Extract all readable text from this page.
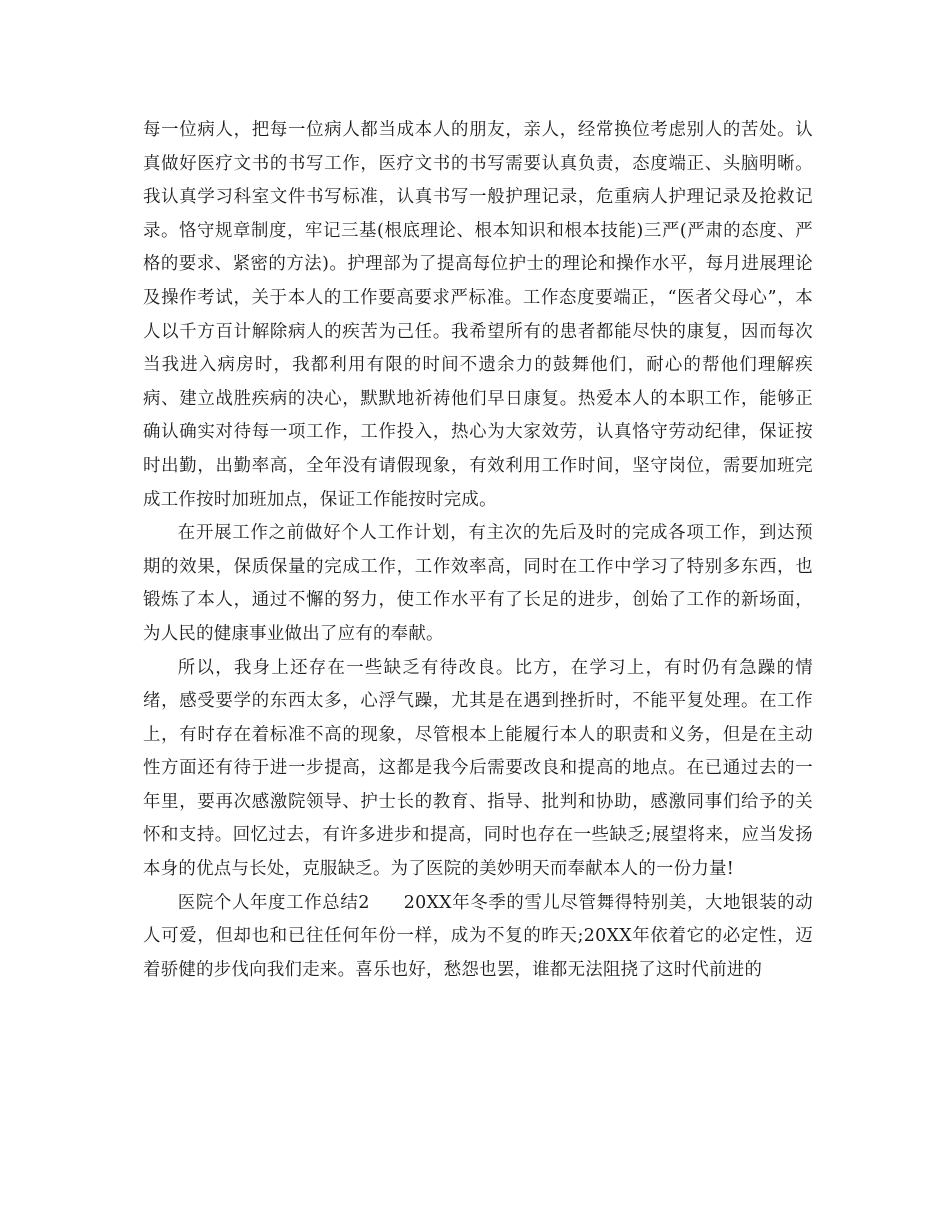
每一位病人，把每一位病人都当成本人的朋友，亲人，经常换位考虑别人的苦处。认真做好医疗文书的书写工作，医疗文书的书写需要认真负责，态度端正、头脑明晰。我认真学习科室文件书写标准，认真书写一般护理记录，危重病人护理记录及抢救记录。恪守规章制度，牢记三基(根底理论、根本知识和根本技能)三严(严肃的态度、严格的要求、紧密的方法)。护理部为了提高每位护士的理论和操作水平，每月进展理论及操作考试，关于本人的工作要高要求严标准。工作态度要端正，“医者父母心”，本人以千方百计解除病人的疾苦为己任。我希望所有的患者都能尽快的康复，因而每次当我进入病房时，我都利用有限的时间不遗余力的鼓舞他们，耐心的帮他们理解疾病、建立战胜疾病的决心，默默地祈祷他们早日康复。热爱本人的本职工作，能够正确认确实对待每一项工作，工作投入，热心为大家效劳，认真恪守劳动纪律，保证按时出勤，出勤率高，全年没有请假现象，有效利用工作时间，坚守岗位，需要加班完成工作按时加班加点，保证工作能按时完成。

在开展工作之前做好个人工作计划，有主次的先后及时的完成各项工作，到达预期的效果，保质保量的完成工作，工作效率高，同时在工作中学习了特别多东西，也锻炼了本人，通过不懈的努力，使工作水平有了长足的进步，创始了工作的新场面，为人民的健康事业做出了应有的奉献。

所以，我身上还存在一些缺乏有待改良。比方，在学习上，有时仍有急躁的情绪，感受要学的东西太多，心浮气躁，尤其是在遇到挫折时，不能平复处理。在工作上，有时存在着标准不高的现象，尽管根本上能履行本人的职责和义务，但是在主动性方面还有待于进一步提高，这都是我今后需要改良和提高的地点。在已通过去的一年里，要再次感激院领导、护士长的教育、指导、批判和协助，感激同事们给予的关怀和支持。回忆过去，有许多进步和提高，同时也存在一些缺乏;展望将来，应当发扬本身的优点与长处，克服缺乏。为了医院的美妙明天而奉献本人的一份力量!

医院个人年度工作总结2 20XX年冬季的雪儿尽管舞得特别美，大地银装的动人可爱，但却也和已往任何年份一样，成为不复的昨天;20XX年依着它的必定性，迈着骄健的步伐向我们走来。喜乐也好，愁怨也罢，谁都无法阻挠了这时代前进的
